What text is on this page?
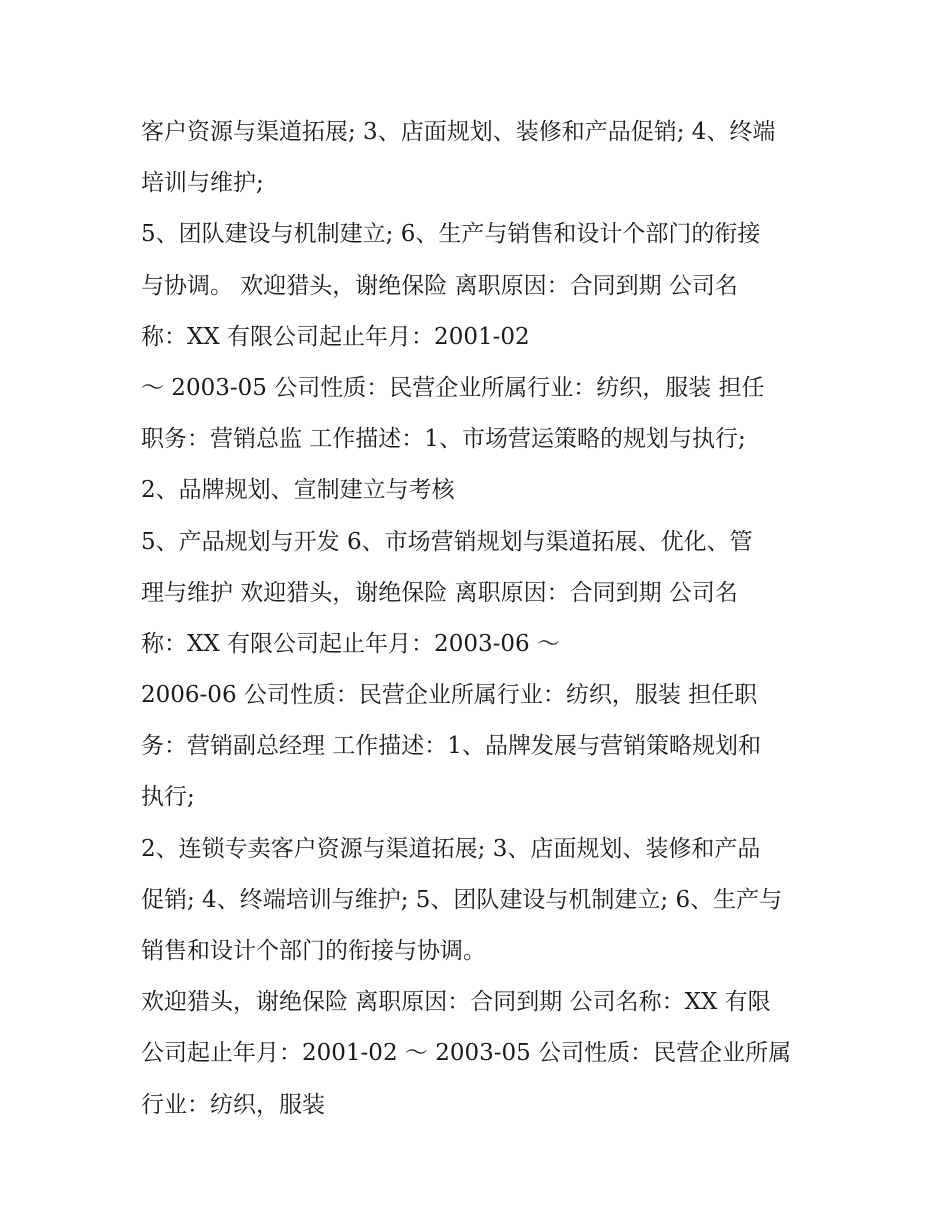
客户资源与渠道拓展; 3、店面规划、装修和产品促销; 4、终端
培训与维护;
5、团队建设与机制建立; 6、生产与销售和设计个部门的衔接
与协调。 欢迎猎头，谢绝保险 离职原因：合同到期 公司名
称：XX 有限公司起止年月：2001-02
～ 2003-05 公司性质：民营企业所属行业：纺织，服装 担任
职务：营销总监 工作描述：1、市场营运策略的规划与执行;
2、品牌规划、宣制建立与考核
5、产品规划与开发 6、市场营销规划与渠道拓展、优化、管
理与维护 欢迎猎头，谢绝保险 离职原因：合同到期 公司名
称：XX 有限公司起止年月：2003-06 ～
2006-06 公司性质：民营企业所属行业：纺织，服装 担任职
务：营销副总经理 工作描述：1、品牌发展与营销策略规划和
执行;
2、连锁专卖客户资源与渠道拓展; 3、店面规划、装修和产品
促销; 4、终端培训与维护; 5、团队建设与机制建立; 6、生产与
销售和设计个部门的衔接与协调。
欢迎猎头，谢绝保险 离职原因：合同到期 公司名称：XX 有限
公司起止年月：2001-02 ～ 2003-05 公司性质：民营企业所属
行业：纺织，服装
